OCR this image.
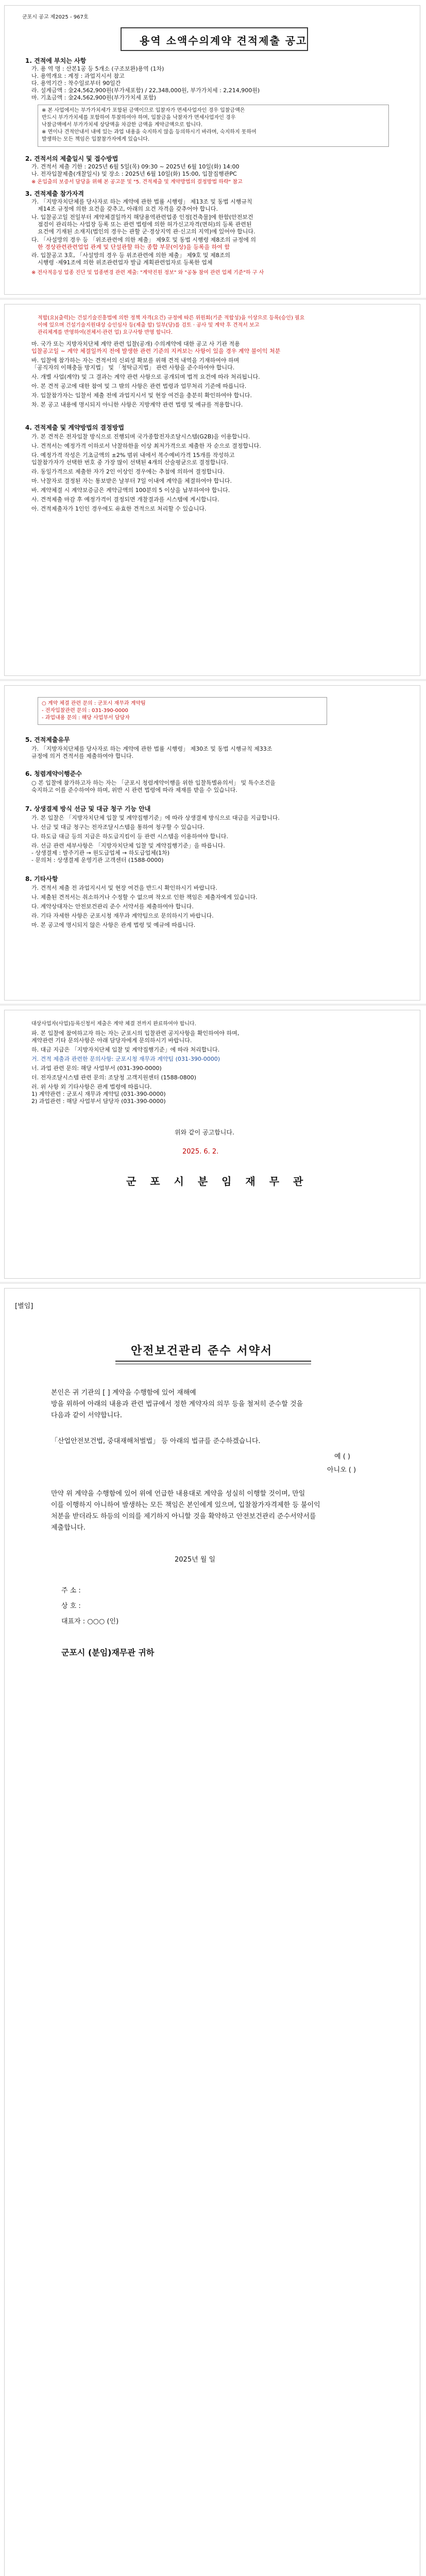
군포시 공고 제2025 - 967호
용역 소액수의계약 견적제출 공고
1. 견적에 부치는 사항
가. 용 역 명 : 산본1공 등 5개소 (구조보완)용역 (1차)
나. 용역개요 : 계정 : 과업지시서 참고
다. 용역기간 : 착수일로부터 90일간
라. 설계금액 : 金24,562,900원(부가세포함) / 22,348,000원, 부가가치세 : 2,214,900원)
마. 기초금액 : 金24,562,900원(부가가치세 포함)
※ 본 사업에서는 부가가치세가 포함된 금액이므로 입찰자가 면세사업자인 경우 입찰금액은
반드시 부가가치세를 포함하여 투찰하여야 하며, 입찰금을 낙찰자가 면세사업자인 경우
낙찰금액에서 부가가치세 상당액을 차감한 금액을 계약금액으로 합니다.
※ 면이나 견적안내서 내에 있는 과업 내용을 숙지하지 않음 등의하시기 바라며, 숙지하지 못하여
발생하는 모든 책임은 입찰참가자에게 있습니다.
2. 견적서의 제출일시 및 접수방법
가. 견적서 제출 기한 : 2025년 6월 5일(목) 09:30 ~ 2025년 6월 10일(화) 14:00
나. 전자입찰제출(개찰일시) 및 장소 : 2025년 6월 10일(화) 15:00, 입찰집행관PC
※ 온입출의 보증서 담당을 위해 본 공고문 및 "5. 견적제출 및 계약방법의 결정방법 하략" 참고
3. 견적제출 참가자격
가. 「지방자치단체를 당사자로 하는 계약에 관한 법률 시행령」 제13조 및 동법 시행규칙
제14조 규정에 의한 요건을 갖추고, 아래의 요건 자격을 갖추어야 합니다.
나. 입찰공고일 전일부터 계약체결일까지 해당용역관련업종 인정[건축물]에 한함(안전보건
점검이 관리하는 사업장 등록 또는 관련 법령에 의한 허가신고자격(면허)의 등록 관련된
요건에 기재된 소재지(법인의 경우는 관할 군·경상지역 관·신고의 지역)에 있어야 합니다.
다. 「사설망의 경우 등 「위조관련에 의한 제출」 제9호 및 동법 시행령 제8조의 규정에 의
한 경상관련관련업업 관계 및 단설관할 하는 종합 부문(이상)을 등록을 하여 함
라. 입찰공고 3호, 「사설망의 경우 등 위조관련에 의한 제출」 제9호 및 제8조의
시행령 ·제91조에 의한 위조관련업자 발급 계획관련업자로 등록한 업체
※ 전사적응성 업종 진단 및 업종변경 관련 제출: "계약진원 정보" 와 "공동 참여 관련 업체 기준"하 구 사
적합(요)(출력)는 건설기술진흥법에 의한 정책 자격(요건) 규정에 따른 위원회(기준 적합성)을 이상으로 등록(승인) 필요
이에 있으며 건설기술지원대상 승인심사 등(제출 합) 일부(당)를 검토 · 공사 및 계약 후 견적서 보고
관리체계를 반영하여(전체서·관련 업) 요구사항 반영 합니다.
마. 국가 또는 지방자치단체 계약 관련 입찰(공개) 수의계약에 대한 공고 사 기관 적용
입찰공고일 ~ 계약 체결일까지 전에 발생한 관련 기준의 지켜보는 사항이 있을 경우 계약 불이익 처분
바. 입찰에 참가하는 자는 견적서의 신뢰성 확보를 위해 견적 내역을 기재하여야 하며
「공직자의 이해충돌 방지법」 및 「청탁금지법」 관련 사항을 준수하여야 합니다.
사. 개별 사업(계약) 및 그 결과는 계약 관련 사항으로 공개되며 법적 요건에 따라 처리됩니다.
아. 본 견적 공고에 대한 참여 및 그 밖의 사항은 관련 법령과 업무처리 기준에 따릅니다.
자. 입찰참가자는 입찰서 제출 전에 과업지시서 및 현장 여건을 충분히 확인하여야 합니다.
차. 본 공고 내용에 명시되지 아니한 사항은 지방계약 관련 법령 및 예규를 적용합니다.
4. 견적제출 및 계약방법의 결정방법
가. 본 견적은 전자입찰 방식으로 진행되며 국가종합전자조달시스템(G2B)을 이용합니다.
나. 견적서는 예정가격 이하로서 낙찰하한율 이상 최저가격으로 제출한 자 순으로 결정합니다.
다. 예정가격 작성은 기초금액의 ±2% 범위 내에서 복수예비가격 15개를 작성하고
입찰참가자가 선택한 번호 중 가장 많이 선택된 4개의 산술평균으로 결정합니다.
라. 동일가격으로 제출한 자가 2인 이상인 경우에는 추첨에 의하여 결정합니다.
마. 낙찰자로 결정된 자는 통보받은 날부터 7일 이내에 계약을 체결하여야 합니다.
바. 계약체결 시 계약보증금은 계약금액의 100분의 5 이상을 납부하여야 합니다.
사. 견적제출 마감 후 예정가격이 결정되면 개찰결과를 시스템에 게시합니다.
아. 견적제출자가 1인인 경우에도 유효한 견적으로 처리할 수 있습니다.
○ 계약 체결 관련 문의 : 군포시 재무과 계약팀
- 전자입찰관련 문의 : 031-390-0000
- 과업내용 문의 : 해당 사업부서 담당자
5. 견적제출유무
가. 「지방자치단체를 당사자로 하는 계약에 관한 법률 시행령」 제30조 및 동법 시행규칙 제33조
규정에 의거 견적서를 제출하여야 합니다.
6. 청렴계약이행준수
○ 본 입찰에 참가하고자 하는 자는 「군포시 청렴계약이행을 위한 입찰특별유의서」 및 특수조건을
숙지하고 이를 준수하여야 하며, 위반 시 관련 법령에 따라 제재를 받을 수 있습니다.
7. 상생결제 방식 선금 및 대금 청구 기능 안내
가. 본 입찰은 「지방자치단체 입찰 및 계약집행기준」에 따라 상생결제 방식으로 대금을 지급합니다.
나. 선금 및 대금 청구는 전자조달시스템을 통하여 청구할 수 있습니다.
다. 하도급 대금 등의 지급은 하도급지킴이 등 관련 시스템을 이용하여야 합니다.
라. 선금 관련 세부사항은 「지방자치단체 입찰 및 계약집행기준」을 따릅니다.
- 상생결제 : 발주기관 → 원도급업체 → 하도급업체(1차)
- 문의처 : 상생결제 운영기관 고객센터 (1588-0000)
8. 기타사항
가. 견적서 제출 전 과업지시서 및 현장 여건을 반드시 확인하시기 바랍니다.
나. 제출된 견적서는 취소하거나 수정할 수 없으며 착오로 인한 책임은 제출자에게 있습니다.
다. 계약상대자는 안전보건관리 준수 서약서를 제출하여야 합니다.
라. 기타 자세한 사항은 군포시청 재무과 계약팀으로 문의하시기 바랍니다.
마. 본 공고에 명시되지 않은 사항은 관계 법령 및 예규에 따릅니다.
대상사업자(사업)등록신청서 제출은 계약 체결 전까지 완료하여야 합니다.
파. 본 입찰에 참여하고자 하는 자는 군포시의 입찰관련 공지사항을 확인하여야 하며,
계약관련 기타 문의사항은 아래 담당자에게 문의하시기 바랍니다.
하. 대금 지급은 「지방자치단체 입찰 및 계약집행기준」에 따라 처리합니다.
거. 견적 제출과 관련한 문의사항: 군포시청 재무과 계약팀 (031-390-0000)
너. 과업 관련 문의: 해당 사업부서 (031-390-0000)
더. 전자조달시스템 관련 문의: 조달청 고객지원센터 (1588-0800)
러. 위 사항 외 기타사항은 관계 법령에 따릅니다.
1) 계약관련 : 군포시 재무과 계약팀 (031-390-0000)
2) 과업관련 : 해당 사업부서 담당자 (031-390-0000)
위와 같이 공고합니다.
2025. 6. 2.
군 포 시 분 임 재 무 관
[별임]
안전보건관리 준수 서약서
본인은 귀 기관의 [ ] 계약을 수행함에 있어 재해예
방을 위하여 아래의 내용과 관련 법규에서 정한 계약자의 의무 등을 철저히 준수할 것을
다음과 같이 서약합니다.
「산업안전보건법, 중대재해처벌법」 등 아래의 법규를 준수하겠습니다.
예 ( )
아니오 ( )
만약 위 계약을 수행함에 있어 위에 언급한 내용대로 계약을 성실히 이행할 것이며, 만일
이를 이행하지 아니하여 발생하는 모든 책임은 본인에게 있으며, 입찰참가자격제한 등 불이익
처분을 받더라도 하등의 이의를 제기하지 아니할 것을 확약하고 안전보건관리 준수서약서를
제출합니다.
2025년 월 일
주 소 :
상 호 :
대표자 : ○○○ (인)
군포시 (분임)재무관 귀하
